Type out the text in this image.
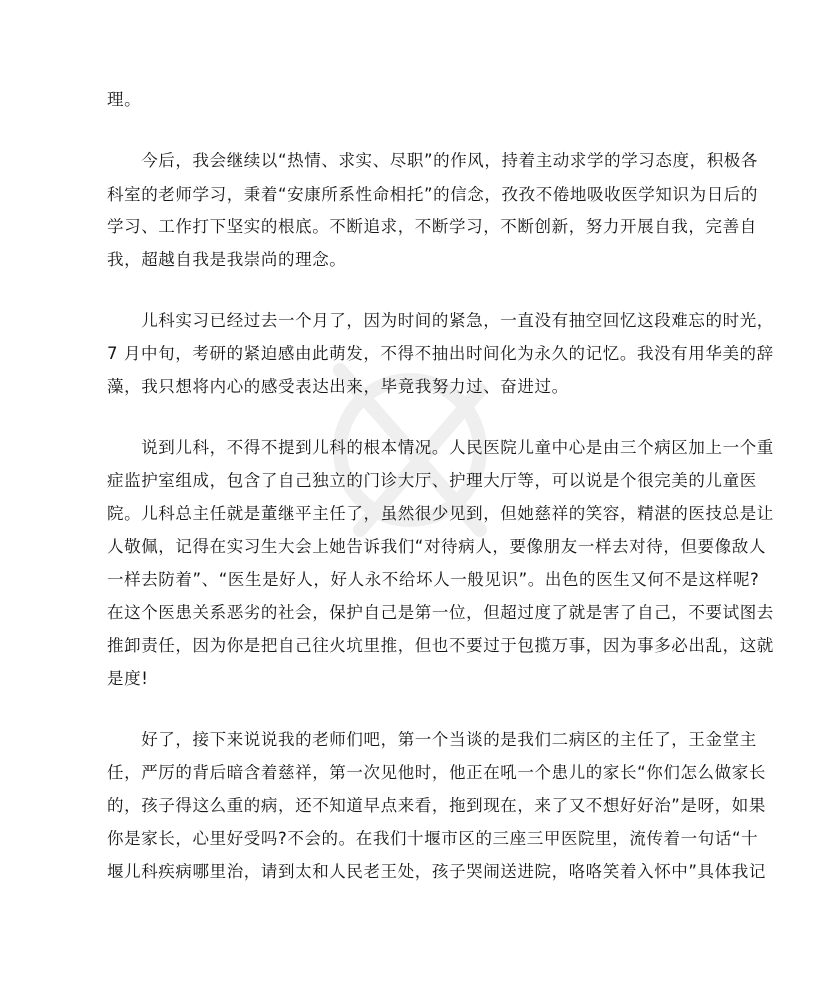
理。
　　今后，我会继续以“热情、求实、尽职”的作风，持着主动求学的学习态度，积极各
科室的老师学习，秉着“安康所系性命相托”的信念，孜孜不倦地吸收医学知识为日后的
学习、工作打下坚实的根底。不断追求，不断学习，不断创新，努力开展自我，完善自
我，超越自我是我崇尚的理念。
　　儿科实习已经过去一个月了，因为时间的紧急，一直没有抽空回忆这段难忘的时光，
7 月中旬，考研的紧迫感由此萌发，不得不抽出时间化为永久的记忆。我没有用华美的辞
藻，我只想将内心的感受表达出来，毕竟我努力过、奋进过。
　　说到儿科，不得不提到儿科的根本情况。人民医院儿童中心是由三个病区加上一个重
症监护室组成，包含了自己独立的门诊大厅、护理大厅等，可以说是个很完美的儿童医
院。儿科总主任就是董继平主任了，虽然很少见到，但她慈祥的笑容，精湛的医技总是让
人敬佩，记得在实习生大会上她告诉我们“对待病人，要像朋友一样去对待，但要像敌人
一样去防着”、“医生是好人，好人永不给坏人一般见识”。出色的医生又何不是这样呢?
在这个医患关系恶劣的社会，保护自己是第一位，但超过度了就是害了自己，不要试图去
推卸责任，因为你是把自己往火坑里推，但也不要过于包揽万事，因为事多必出乱，这就
是度!
　　好了，接下来说说我的老师们吧，第一个当谈的是我们二病区的主任了，王金堂主
任，严厉的背后暗含着慈祥，第一次见他时，他正在吼一个患儿的家长“你们怎么做家长
的，孩子得这么重的病，还不知道早点来看，拖到现在，来了又不想好好治”是呀，如果
你是家长，心里好受吗?不会的。在我们十堰市区的三座三甲医院里，流传着一句话“十
堰儿科疾病哪里治，请到太和人民老王处，孩子哭闹送进院，咯咯笑着入怀中”具体我记
